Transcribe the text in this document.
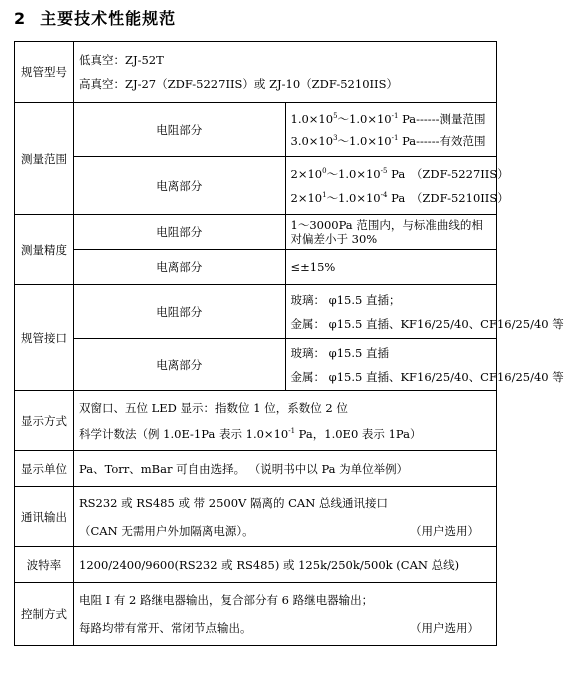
2 主要技术性能规范
规管型号	低真空：ZJ-52T
高真空：ZJ-27（ZDF-5227IIS）或 ZJ-10（ZDF-5210IIS）	

测量范围	电阻部分	$1.0\times 10^5\sim 1.0\times 10^{-1}$ Pa------测量范围
$3.0\times 10^3\sim 1.0\times 10^{-1}$ Pa------有效范围

	电离部分	$2\times 10^0\sim 1.0\times 10^{-5}$ Pa　（ZDF-5227IIS）
$2\times 10^1\sim 1.0\times 10^{-4}$ Pa　（ZDF-5210IIS）

测量精度	电阻部分	1～3000Pa 范围内，与标准曲线的相对偏差小于 30%
	电离部分	≤±15%
规管接口	电阻部分	玻璃： φ15.5 直插；
金属： φ15.5 直插、KF16/25/40、CF16/25/40 等

	电离部分	玻璃： φ15.5 直插
金属： φ15.5 直插、KF16/25/40、CF16/25/40 等

显示方式	双窗口、五位 LED 显示：指数位 1 位，系数位 2 位
科学计数法（例 1.0E-1Pa 表示 $1.0\times 10^{-1}$ Pa，1.0E0 表示 1Pa）	

显示单位	Pa、Torr、mBar 可自由选择。 （说明书中以 Pa 为单位举例）	
通讯输出	RS232 或 RS485 或 带 2500V 隔离的 CAN 总线通讯接口
（CAN 无需用户外加隔离电源）。 （用户选用）	

波特率	1200/2400/9600(RS232 或 RS485) 或 125k/250k/500k (CAN 总线)	
控制方式	电阻 I 有 2 路继电器输出，复合部分有 6 路继电器输出；
每路均带有常开、常闭节点输出。 （用户选用）	
